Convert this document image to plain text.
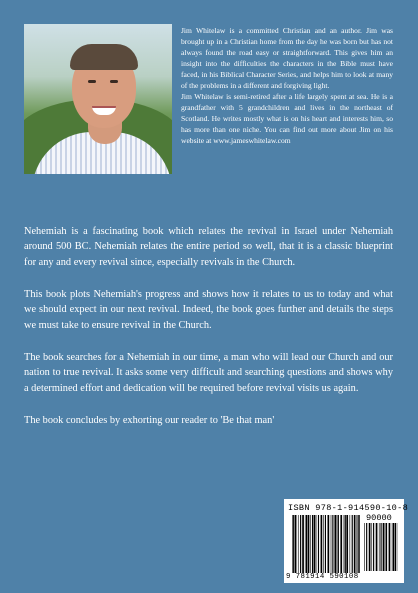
Jim Whitelaw is a committed Christian and an author. Jim was brought up in a Christian home from the day he was born but has not always found the road easy or straightforward. This gives him an insight into the difficulties the characters in the Bible must have faced, in his Biblical Character Series, and helps him to look at many of the problems in a different and forgiving light.

Jim Whitelaw is semi-retired after a life largely spent at sea. He is a grandfather with 5 grandchildren and lives in the northeast of Scotland. He writes mostly what is on his heart and interests him, so has more than one niche. You can find out more about Jim on his website at www.jameswhitelaw.com

Nehemiah is a fascinating book which relates the revival in Israel under Nehemiah around 500 BC. Nehemiah relates the entire period so well, that it is a classic blueprint for any and every revival since, especially revivals in the Church.

This book plots Nehemiah's progress and shows how it relates to us to today and what we should expect in our next revival. Indeed, the book goes further and details the steps we must take to ensure revival in the Church.

The book searches for a Nehemiah in our time, a man who will lead our Church and our nation to true revival. It asks some very difficult and searching questions and shows why a determined effort and dedication will be required before revival visits us again.

The book concludes by exhorting our reader to 'Be that man'

ISBN 978-1-914590-10-8
90000
9 781914 590108
